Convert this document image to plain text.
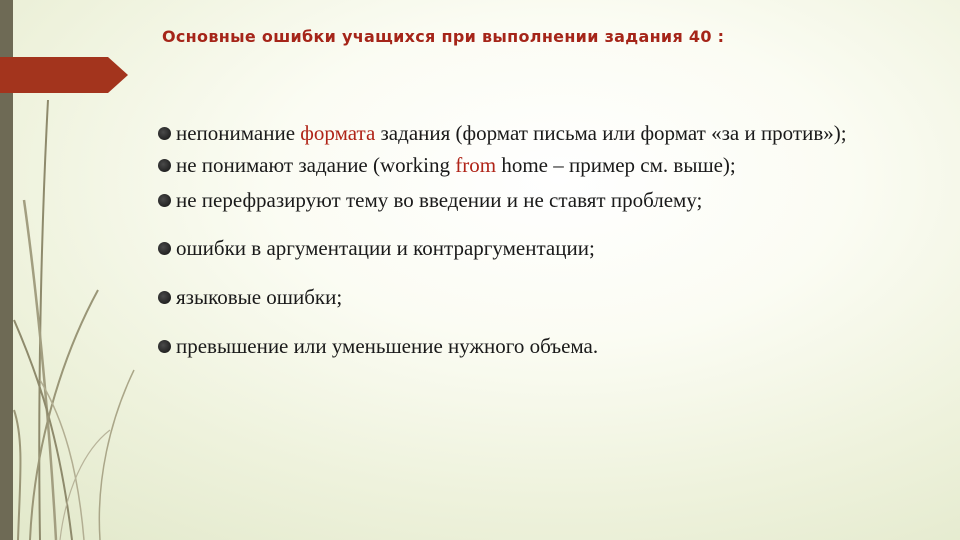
Основные ошибки учащихся при выполнении задания 40 :
непонимание формата задания (формат письма или формат «за и против»);
не понимают задание (working from home – пример см. выше);
не перефразируют тему во введении и не ставят проблему;
ошибки в аргументации и контраргументации;
языковые ошибки;
превышение или уменьшение нужного объема.
